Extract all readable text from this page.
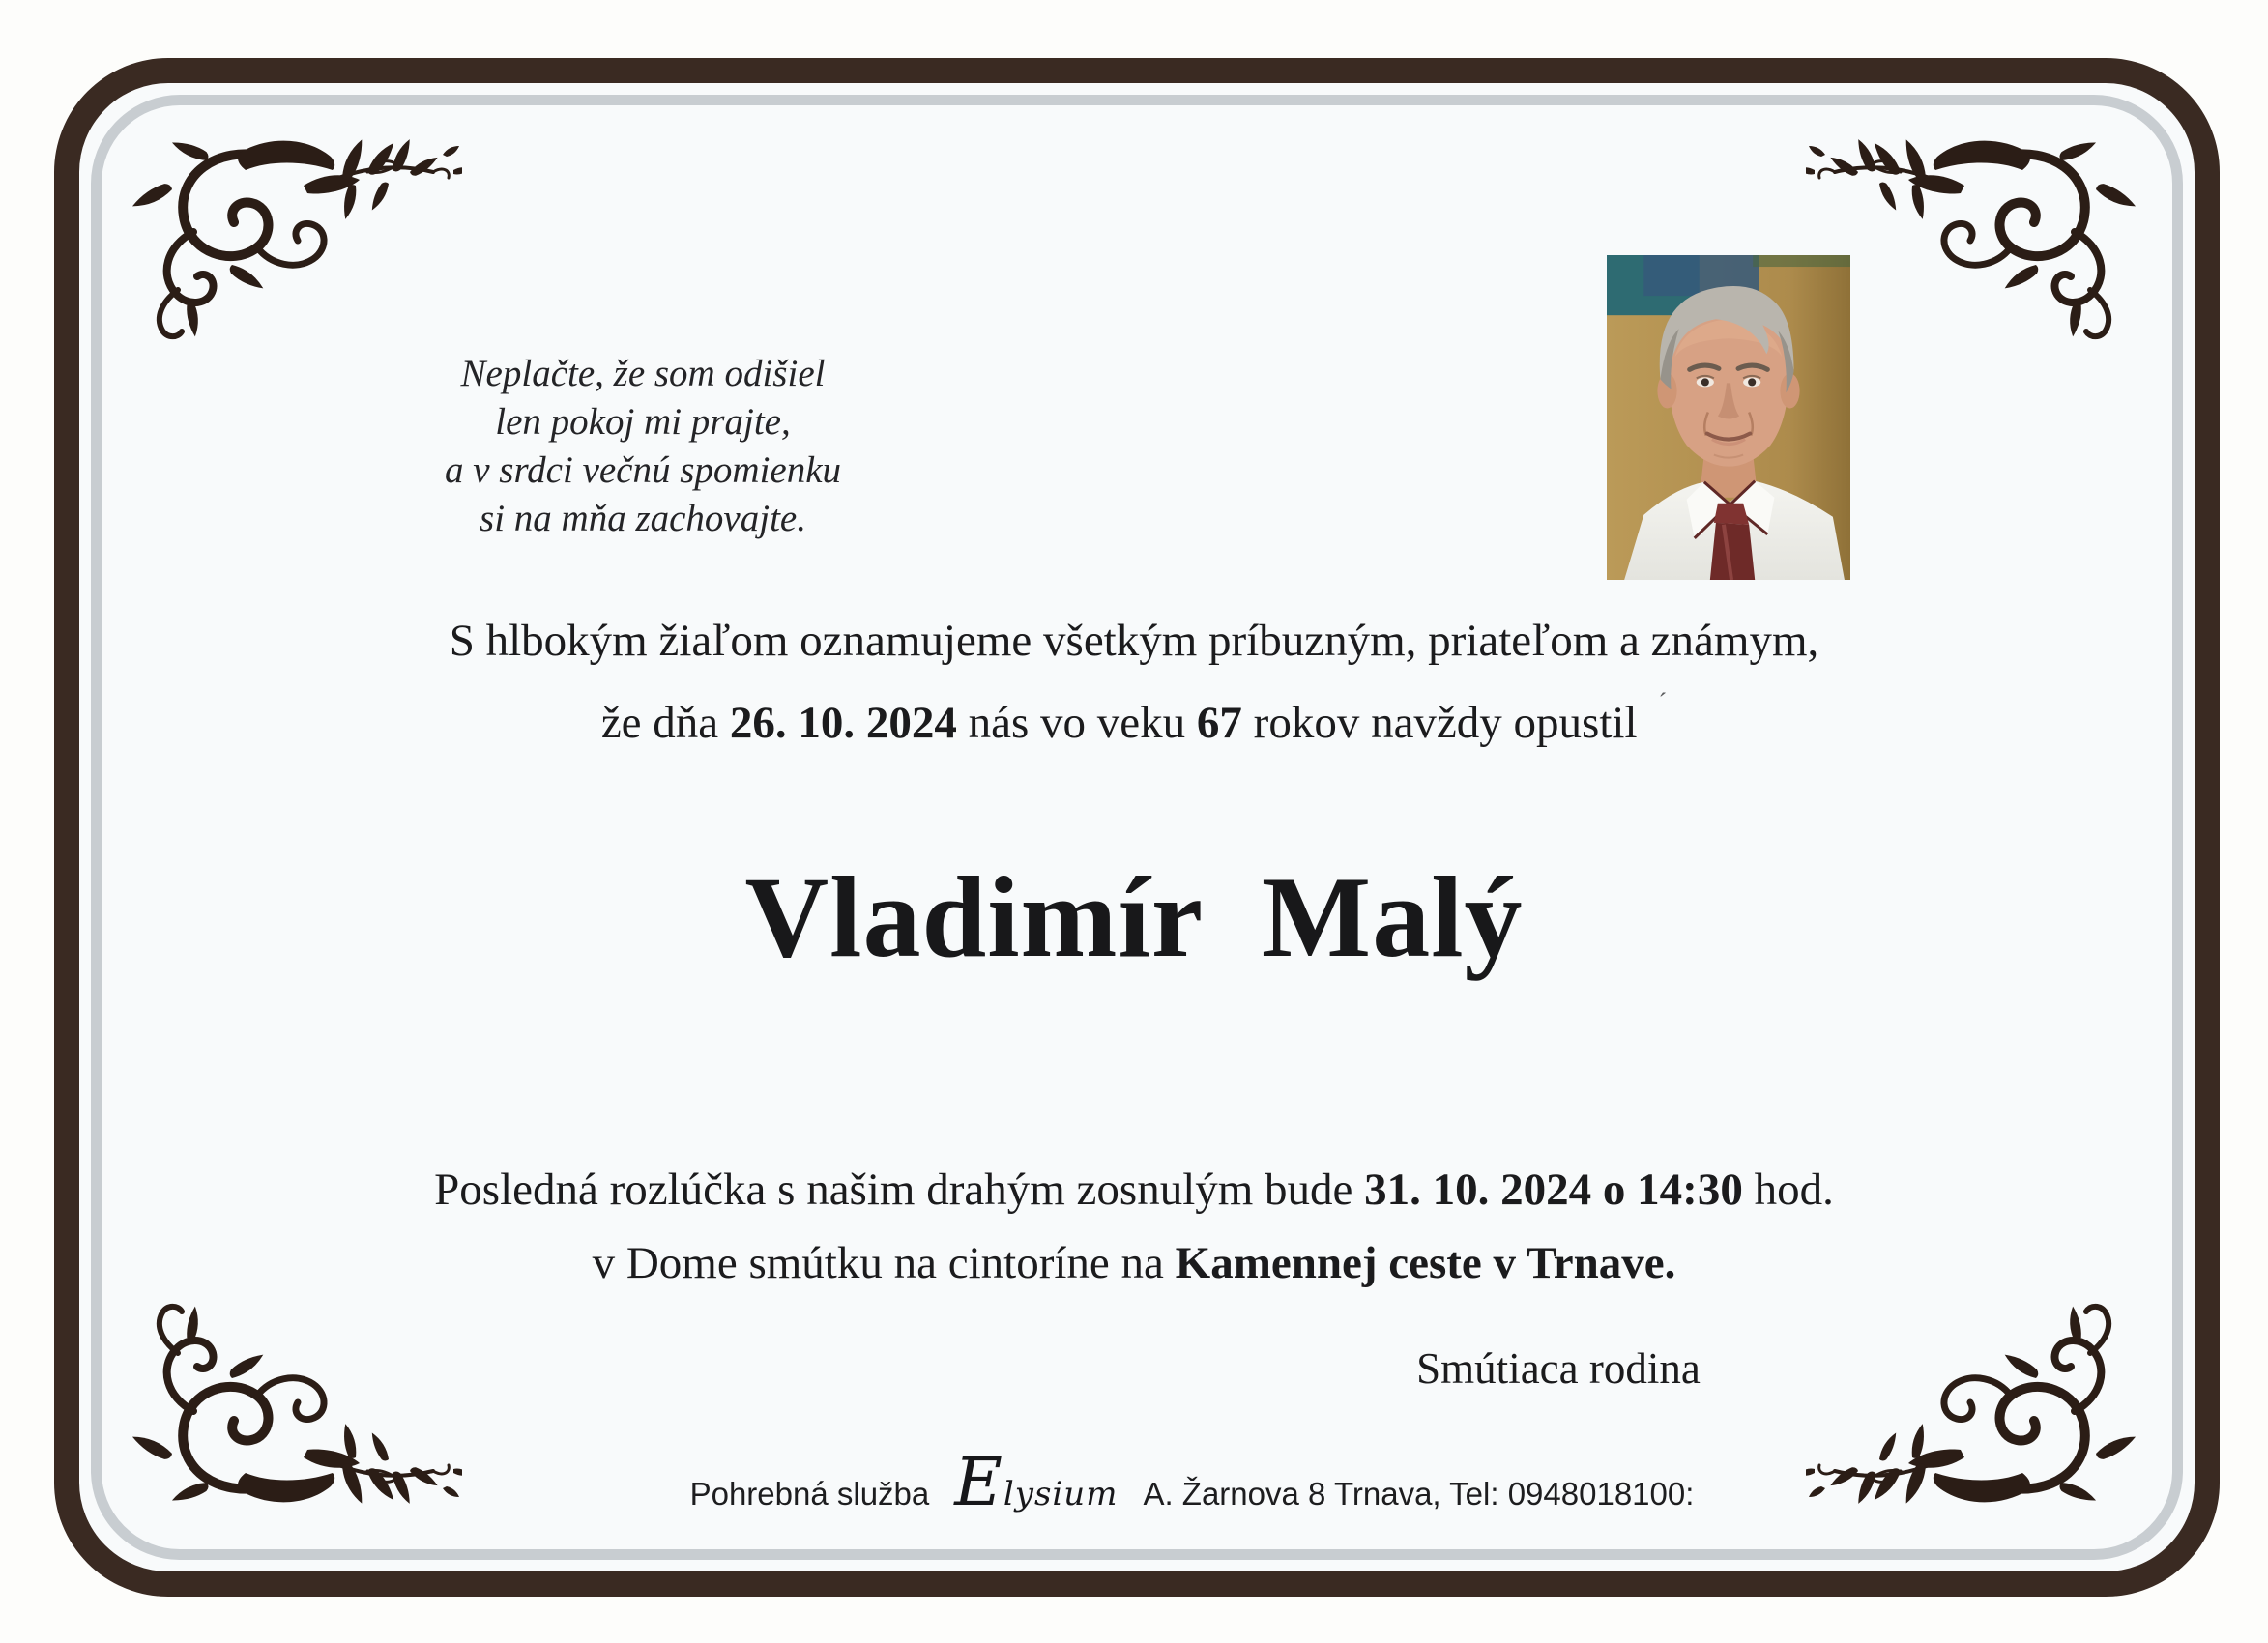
Neplačte, že som odišiel
len pokoj mi prajte,
a v srdci večnú spomienku
si na mňa zachovajte.
S hlbokým žiaľom oznamujeme všetkým príbuzným, priateľom a známym,
že dňa 26. 10. 2024 nás vo veku 67 rokov navždy opustil ´
Vladimír  Malý
Posledná rozlúčka s našim drahým zosnulým bude 31. 10. 2024 o 14:30 hod.
v Dome smútku na cintoríne na Kamennej ceste v Trnave.
Smútiaca rodina
Pohrebná služba Elysium A. Žarnova 8 Trnava, Tel: 0948018100:
